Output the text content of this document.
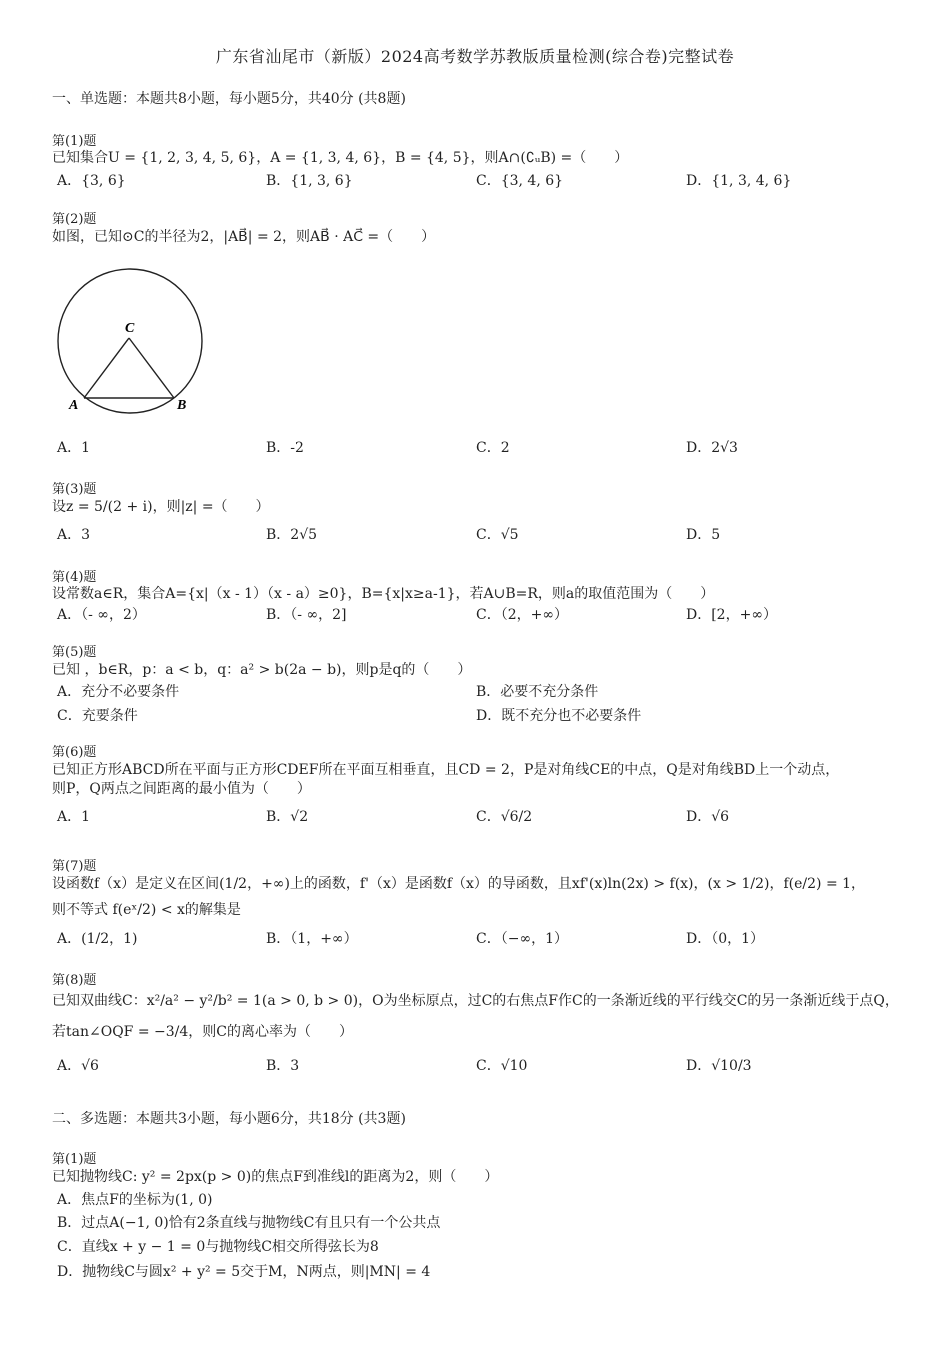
广东省汕尾市（新版）2024高考数学苏教版质量检测(综合卷)完整试卷
一、单选题：本题共8小题，每小题5分，共40分 (共8题)
第(1)题
已知集合U = {1, 2, 3, 4, 5, 6}，A = {1, 3, 4, 6}，B = {4, 5}，则A∩(∁ᵤB) =（　　）
A．{3, 6}	B．{1, 3, 6}	C．{3, 4, 6}	D．{1, 3, 4, 6}
第(2)题
如图，已知⊙C的半径为2，|AB⃗| = 2，则AB⃗ · AC⃗ =（　　）
C
A	B
A．1	B．-2	C．2	D．2√3
第(3)题
设z = 5/(2 + i)，则|z| =（　　）
A．3	B．2√5	C．√5	D．5
第(4)题
设常数a∈R，集合A={x|（x - 1）（x - a）≥0}，B={x|x≥a-1}，若A∪B=R，则a的取值范围为（　　）
A．（- ∞，2）	B．（- ∞，2]	C．（2，+∞）	D．[2，+∞）
第(5)题
已知 ，b∈R，p：a < b，q：a² > b(2a − b)，则p是q的（　　）
A．充分不必要条件	B．必要不充分条件
C．充要条件	D．既不充分也不必要条件
第(6)题
已知正方形ABCD所在平面与正方形CDEF所在平面互相垂直，且CD = 2，P是对角线CE的中点，Q是对角线BD上一个动点，
则P，Q两点之间距离的最小值为（　　）
A．1	B．√2	C．√6/2	D．√6
第(7)题
设函数f（x）是定义在区间(1/2，+∞)上的函数，f'（x）是函数f（x）的导函数，且xf'(x)ln(2x) > f(x)，(x > 1/2)，f(e/2) = 1，
则不等式 f(eˣ/2) < x的解集是
A．(1/2，1)	B．（1，+∞）	C．（−∞，1）	D．（0，1）
第(8)题
已知双曲线C：x²/a² − y²/b² = 1(a > 0, b > 0)，O为坐标原点，过C的右焦点F作C的一条渐近线的平行线交C的另一条渐近线于点Q，
若tan∠OQF = −3/4，则C的离心率为（　　）
A．√6	B．3	C．√10	D．√10/3
二、多选题：本题共3小题，每小题6分，共18分 (共3题)
第(1)题
已知抛物线C: y² = 2px(p > 0)的焦点F到准线l的距离为2，则（　　）
A．焦点F的坐标为(1, 0)
B．过点A(−1, 0)恰有2条直线与抛物线C有且只有一个公共点
C．直线x + y − 1 = 0与抛物线C相交所得弦长为8
D．抛物线C与圆x² + y² = 5交于M，N两点，则|MN| = 4
